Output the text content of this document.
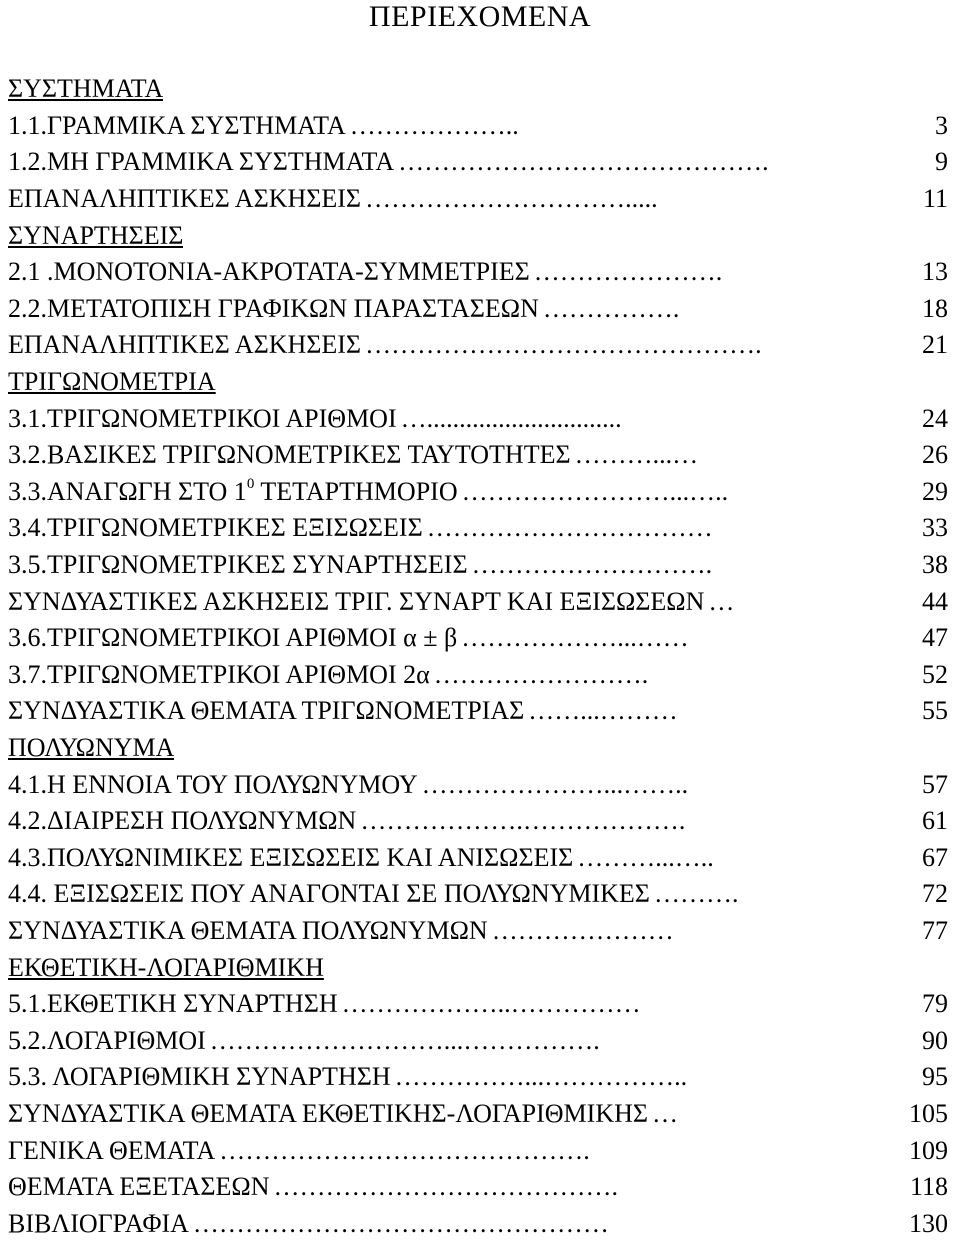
ΠΕΡΙΕΧΟΜΕΝΑ
ΣΥΣΤΗΜΑΤΑ
1.1.ΓΡΑΜΜΙΚΑ ΣΥΣΤΗΜΑΤΑ ………………..	3
1.2.ΜΗ ΓΡΑΜΜΙΚΑ ΣΥΣΤΗΜΑΤΑ …………………………………….	9
ΕΠΑΝΑΛΗΠΤΙΚΕΣ ΑΣΚΗΣΕΙΣ ………………………….....	11
ΣΥΝΑΡΤΗΣΕΙΣ
2.1 .ΜΟΝΟΤΟΝΙΑ-ΑΚΡΟΤΑΤΑ-ΣΥΜΜΕΤΡΙΕΣ ………………….	13
2.2.ΜΕΤΑΤΟΠΙΣΗ ΓΡΑΦΙΚΩΝ ΠΑΡΑΣΤΑΣΕΩΝ …………….	18
ΕΠΑΝΑΛΗΠΤΙΚΕΣ ΑΣΚΗΣΕΙΣ ……………………………………….	21
ΤΡΙΓΩΝΟΜΕΤΡΙΑ
3.1.ΤΡΙΓΩΝΟΜΕΤΡΙΚΟΙ ΑΡΙΘΜΟΙ …..............................	24
3.2.ΒΑΣΙΚΕΣ ΤΡΙΓΩΝΟΜΕΤΡΙΚΕΣ ΤΑΥΤΟΤΗΤΕΣ ………...…	26
3.3.ΑΝΑΓΩΓΗ ΣΤΟ $1^0$ ΤΕΤΑΡΤΗΜΟΡΙΟ ……………………...…..	29
3.4.ΤΡΙΓΩΝΟΜΕΤΡΙΚΕΣ ΕΞΙΣΩΣΕΙΣ ……………………………	33
3.5.ΤΡΙΓΩΝΟΜΕΤΡΙΚΕΣ ΣΥΝΑΡΤΗΣΕΙΣ ……………………….	38
ΣΥΝΔΥΑΣΤΙΚΕΣ ΑΣΚΗΣΕΙΣ ΤΡΙΓ. ΣΥΝΑΡΤ ΚΑΙ ΕΞΙΣΩΣΕΩΝ …	44
3.6.ΤΡΙΓΩΝΟΜΕΤΡΙΚΟΙ ΑΡΙΘΜΟΙ α ± β ………………...……	47
3.7.ΤΡΙΓΩΝΟΜΕΤΡΙΚΟΙ ΑΡΙΘΜΟΙ 2α …………………….	52
ΣΥΝΔΥΑΣΤΙΚΑ ΘΕΜΑΤΑ ΤΡΙΓΩΝΟΜΕΤΡΙΑΣ ……...………	55
ΠΟΛΥΩΝΥΜΑ
4.1.Η ΕΝΝΟΙΑ ΤΟΥ ΠΟΛΥΩΝΥΜΟΥ …………………...……..	57
4.2.ΔΙΑΙΡΕΣΗ ΠΟΛΥΩΝΥΜΩΝ ……………….……………….	61
4.3.ΠΟΛΥΩΝΙΜΙΚΕΣ ΕΞΙΣΩΣΕΙΣ ΚΑΙ ΑΝΙΣΩΣΕΙΣ ………...…..	67
4.4. ΕΞΙΣΩΣΕΙΣ ΠΟΥ ΑΝΑΓΟΝΤΑΙ ΣΕ ΠΟΛΥΩΝΥΜΙΚΕΣ ……….	72
ΣΥΝΔΥΑΣΤΙΚΑ ΘΕΜΑΤΑ ΠΟΛΥΩΝΥΜΩΝ …………………	77
ΕΚΘΕΤΙΚΗ-ΛΟΓΑΡΙΘΜΙΚΗ
5.1.ΕΚΘΕΤΙΚΗ ΣΥΝΑΡΤΗΣΗ ………………..……………	79
5.2.ΛΟΓΑΡΙΘΜΟΙ ………………………...…………….	90
5.3. ΛΟΓΑΡΙΘΜΙΚΗ ΣΥΝΑΡΤΗΣΗ ……………...……………..	95
ΣΥΝΔΥΑΣΤΙΚΑ ΘΕΜΑΤΑ ΕΚΘΕΤΙΚΗΣ-ΛΟΓΑΡΙΘΜΙΚΗΣ …	105
ΓΕΝΙΚΑ ΘΕΜΑΤΑ …………………………………….	109
ΘΕΜΑΤΑ ΕΞΕΤΑΣΕΩΝ ………………………………….	118
ΒΙΒΛΙΟΓΡΑΦΙΑ …………………………………………	130
